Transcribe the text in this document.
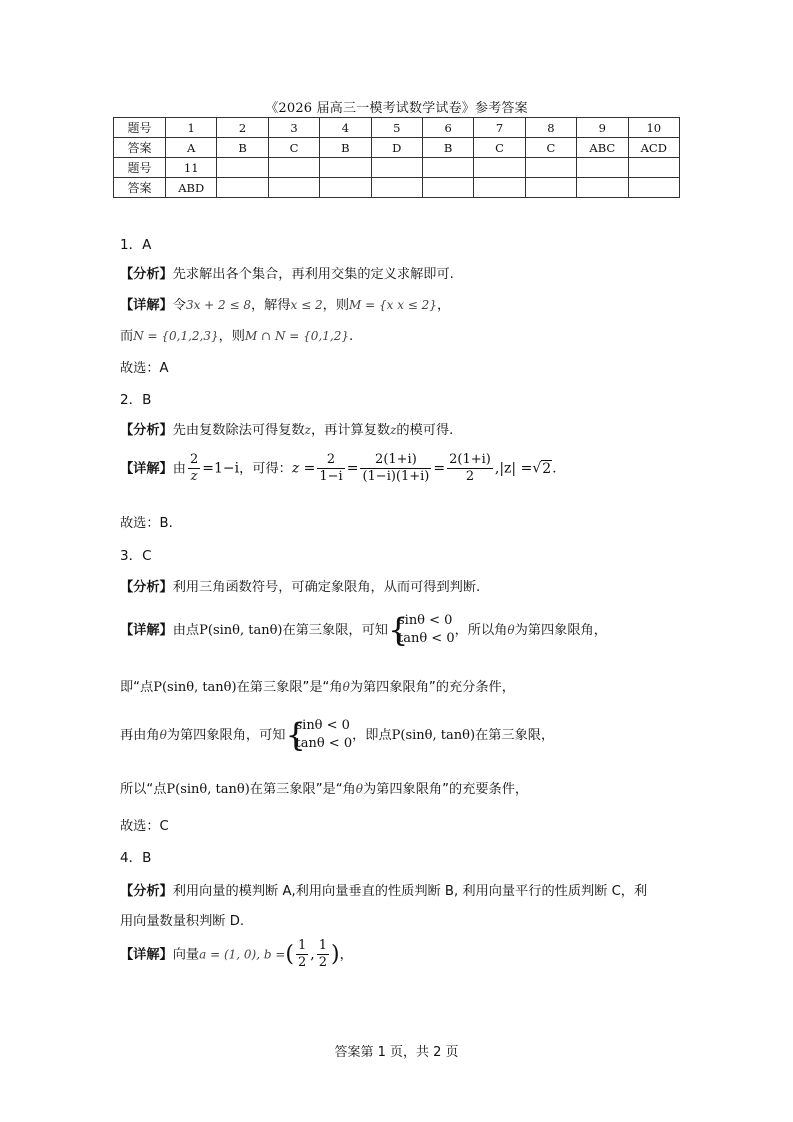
《2026 届高三一模考试数学试卷》参考答案
题号	1	2	3	4	5	6	7	8	9	10
答案	A	B	C	B	D	B	C	C	ABC	ACD
题号	11									
答案	ABD									
1．A
【分析】先求解出各个集合，再利用交集的定义求解即可.
【详解】令3x + 2 ≤ 8，解得x ≤ 2，则M = {x x ≤ 2}，
而N = {0,1,2,3}，则M ∩ N = {0,1,2}.
故选：A
2．B
【分析】先由复数除法可得复数z，再计算复数z的模可得.
【详解】由 $\frac{2}{z} =1-i$，可得：$z = \frac{2}{1-i} = \frac{2(1+i)}{(1-i)(1+i)} = \frac{2(1+i)}{2} ,|z| =√2$.
故选：B.
3．C
【分析】利用三角函数符号，可确定象限角，从而可得到判断.
【详解】由点P(sinθ, tanθ)在第三象限，可知 {
sinθ < 0
tanθ < 0
，所以角θ为第四象限角，
即“点P(sinθ, tanθ)在第三象限”是“角θ为第四象限角”的充分条件，
再由角θ为第四象限角，可知 {
sinθ < 0
tanθ < 0
，即点P(sinθ, tanθ)在第三象限，
所以“点P(sinθ, tanθ)在第三象限”是“角θ为第四象限角”的充要条件，
故选：C
4．B
【分析】利用向量的模判断 A,利用向量垂直的性质判断 B, 利用向量平行的性质判断 C，利
用向量数量积判断 D.
【详解】向量a = (1, 0), b =( $\frac{1}{2}$ , $\frac{1}{2}$ )，
答案第 1 页，共 2 页
